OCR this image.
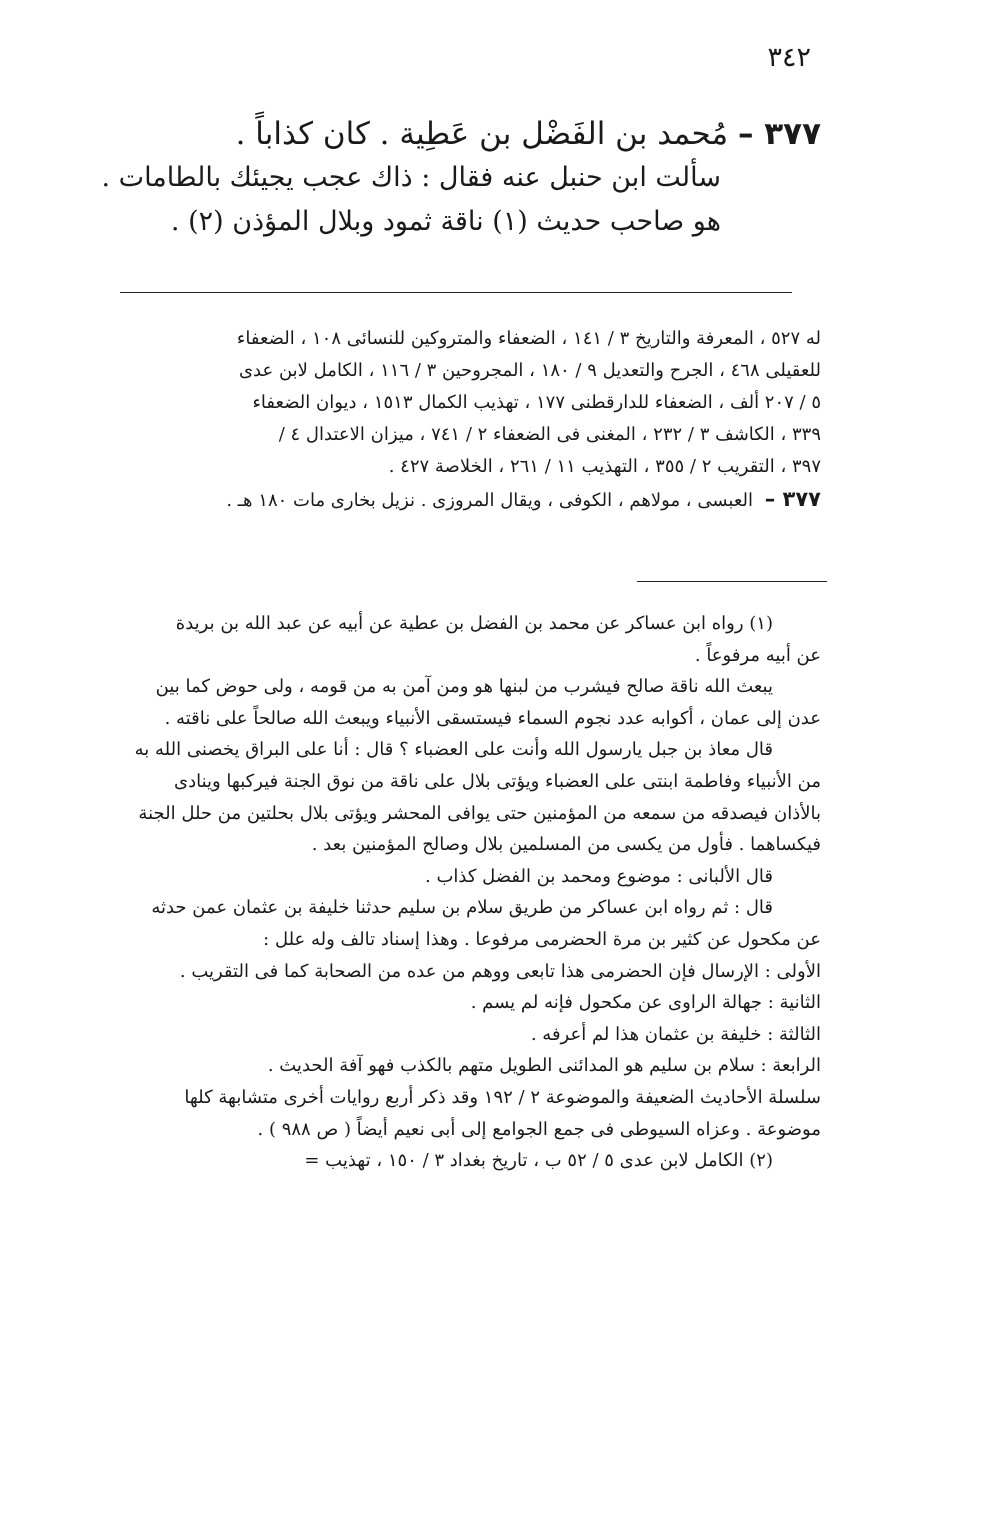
٣٤٢
٣٧٧ – مُحمد بن الفَضْل بن عَطِية . كان كذاباً .
سألت ابن حنبل عنه فقال : ذاك عجب يجيئك بالطامات .
هو صاحب حديث (١) ناقة ثمود وبلال المؤذن (٢) .
له ٥٢٧ ، المعرفة والتاريخ ٣ / ١٤١ ، الضعفاء والمتروكين للنسائى ١٠٨ ، الضعفاء
للعقيلى ٤٦٨ ، الجرح والتعديل ٩ / ١٨٠ ، المجروحين ٣ / ١١٦ ، الكامل لابن عدى
٥ / ٢٠٧ ألف ، الضعفاء للدارقطنى ١٧٧ ، تهذيب الكمال ١٥١٣ ، ديوان الضعفاء
٣٣٩ ، الكاشف ٣ / ٢٣٢ ، المغنى فى الضعفاء ٢ / ٧٤١ ، ميزان الاعتدال ٤ /
٣٩٧ ، التقريب ٢ / ٣٥٥ ، التهذيب ١١ / ٢٦١ ، الخلاصة ٤٢٧ .
٣٧٧ – العبسى ، مولاهم ، الكوفى ، ويقال المروزى . نزيل بخارى مات ١٨٠ هـ .

(١) رواه ابن عساكر عن محمد بن الفضل بن عطية عن أبيه عن عبد الله بن بريدة

عن أبيه مرفوعاً .

يبعث الله ناقة صالح فيشرب من لبنها هو ومن آمن به من قومه ، ولى حوض كما بين

عدن إلى عمان ، أكوابه عدد نجوم السماء فيستسقى الأنبياء ويبعث الله صالحاً على ناقته .

قال معاذ بن جبل يارسول الله وأنت على العضباء ؟ قال : أنا على البراق يخصنى الله به

من الأنبياء وفاطمة ابنتى على العضباء ويؤتى بلال على ناقة من نوق الجنة فيركبها وينادى

بالأذان فيصدقه من سمعه من المؤمنين حتى يوافى المحشر ويؤتى بلال بحلتين من حلل الجنة

فيكساهما . فأول من يكسى من المسلمين بلال وصالح المؤمنين بعد .

قال الألبانى : موضوع ومحمد بن الفضل كذاب .

قال : ثم رواه ابن عساكر من طريق سلام بن سليم حدثنا خليفة بن عثمان عمن حدثه

عن مكحول عن كثير بن مرة الحضرمى مرفوعا . وهذا إسناد تالف وله علل :

الأولى : الإرسال فإن الحضرمى هذا تابعى ووهم من عده من الصحابة كما فى التقريب .

الثانية : جهالة الراوى عن مكحول فإنه لم يسم .

الثالثة : خليفة بن عثمان هذا لم أعرفه .

الرابعة : سلام بن سليم هو المدائنى الطويل متهم بالكذب فهو آفة الحديث .

سلسلة الأحاديث الضعيفة والموضوعة ٢ / ١٩٢ وقد ذكر أربع روايات أخرى متشابهة كلها

موضوعة . وعزاه السيوطى فى جمع الجوامع إلى أبى نعيم أيضاً ( ص ٩٨٨ ) .

(٢) الكامل لابن عدى ٥ / ٥٢ ب ، تاريخ بغداد ٣ / ١٥٠ ، تهذيب =
